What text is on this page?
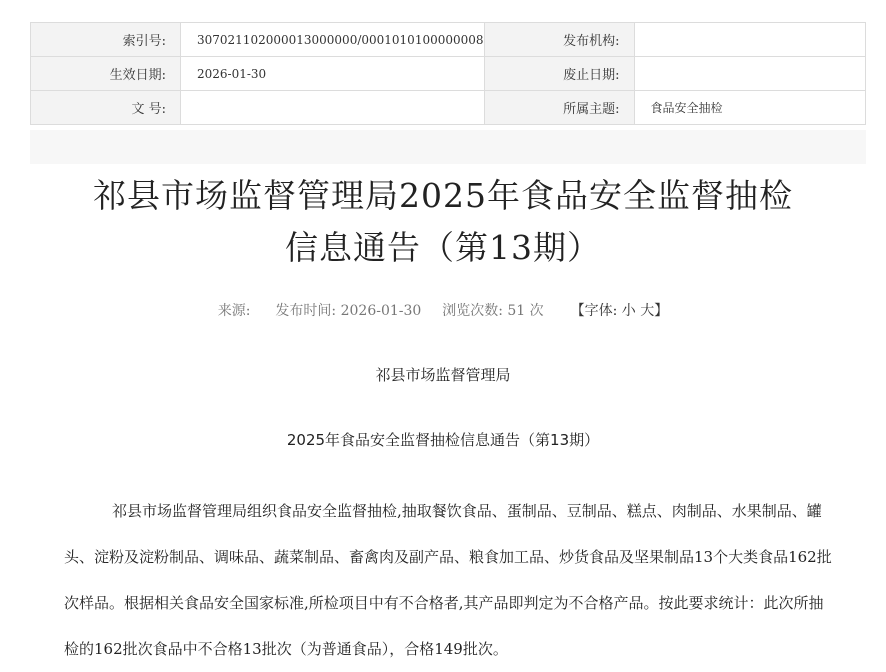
索引号:	307021102000013000000/0001010100000008	发布机构:	
生效日期:	2026-01-30	废止日期:	
文 号:		所属主题:	食品安全抽检
祁县市场监督管理局2025年食品安全监督抽检
信息通告（第13期）
来源: 发布时间: 2026-01-30 浏览次数: 51 次 【字体: 小 大】
祁县市场监督管理局
2025年食品安全监督抽检信息通告（第13期）

祁县市场监督管理局组织食品安全监督抽检,抽取餐饮食品、蛋制品、豆制品、糕点、肉制品、水果制品、罐头、淀粉及淀粉制品、调味品、蔬菜制品、畜禽肉及副产品、粮食加工品、炒货食品及坚果制品13个大类食品162批次样品。根据相关食品安全国家标准,所检项目中有不合格者,其产品即判定为不合格产品。按此要求统计：此次所抽检的162批次食品中不合格13批次（为普通食品），合格149批次。
